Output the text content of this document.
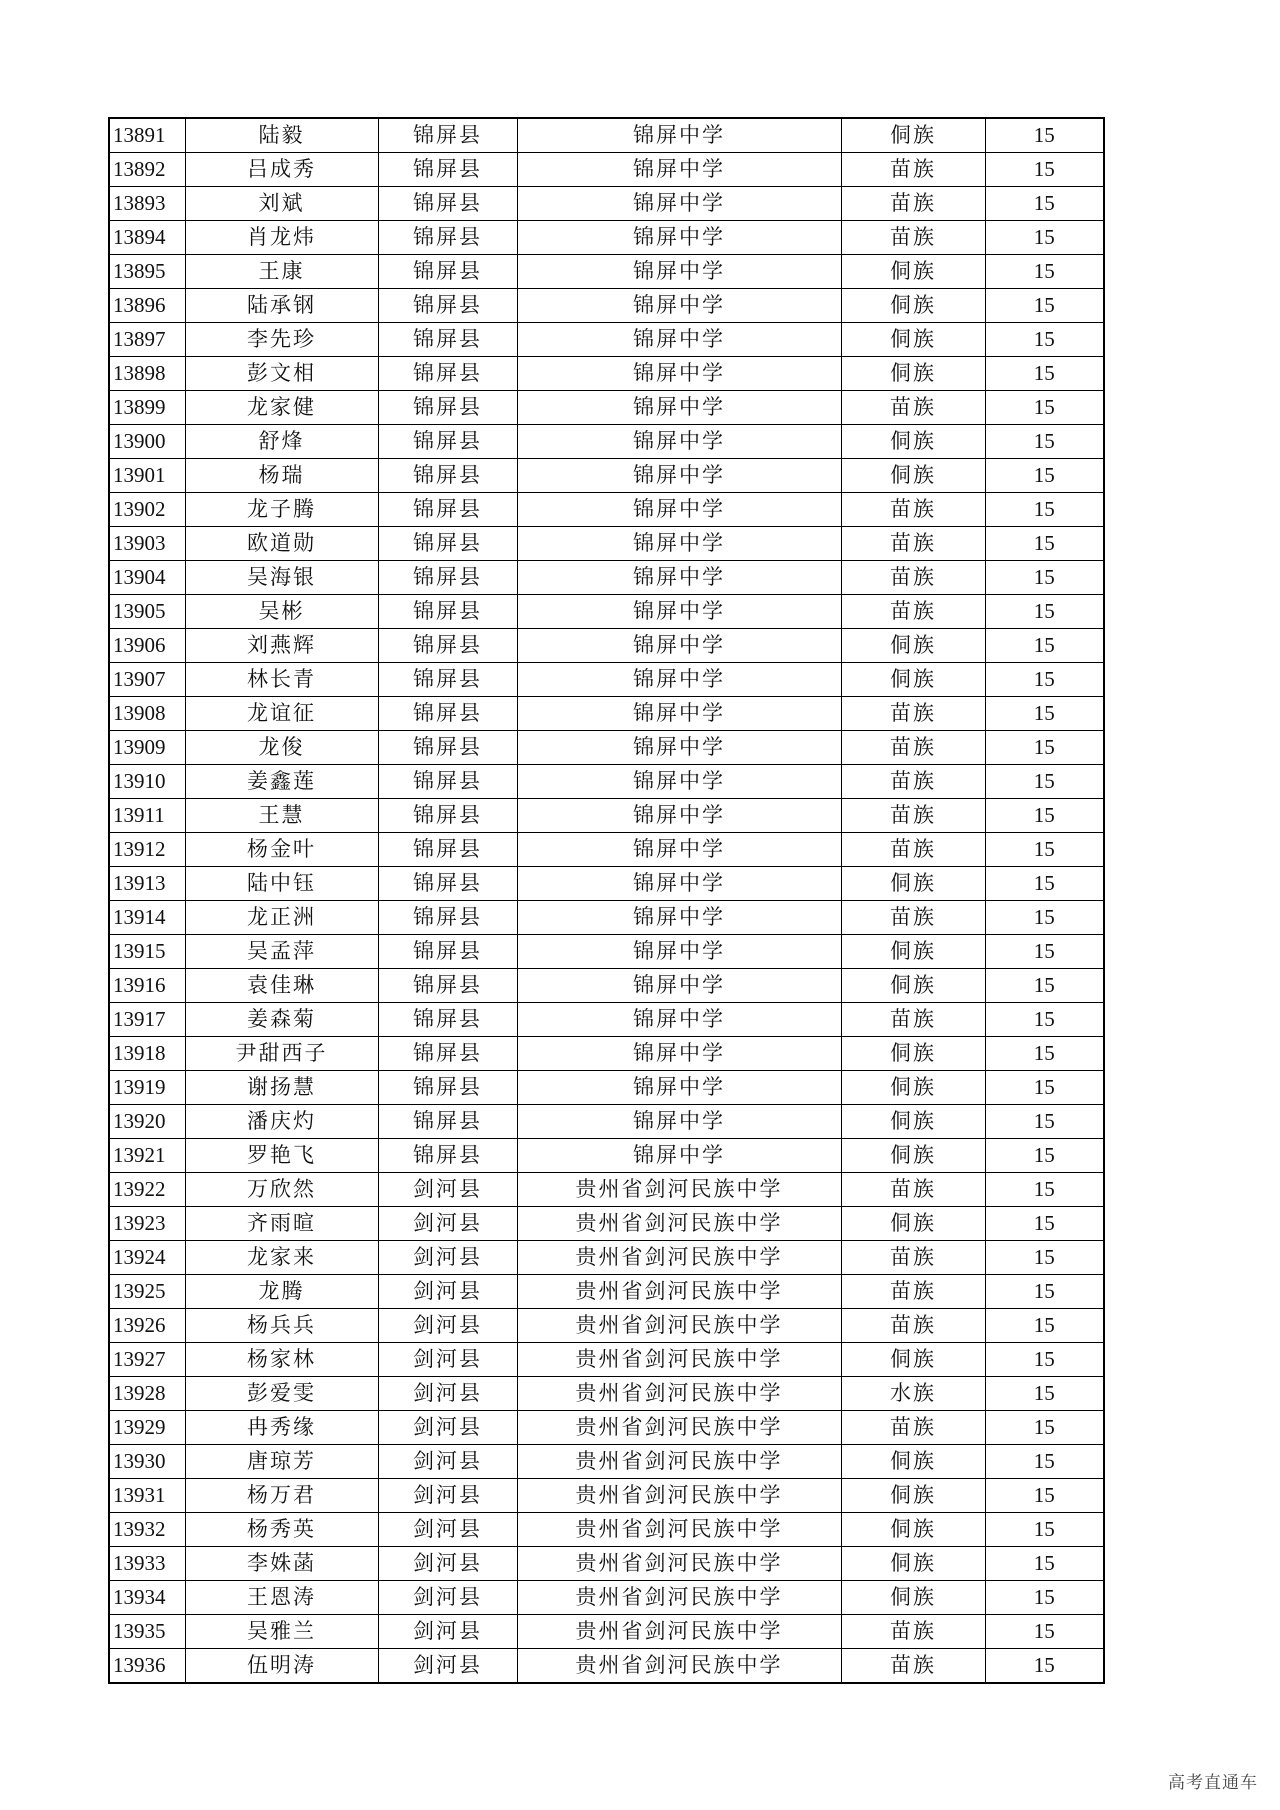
13891	陆毅	锦屏县	锦屏中学	侗族	15
13892	吕成秀	锦屏县	锦屏中学	苗族	15
13893	刘斌	锦屏县	锦屏中学	苗族	15
13894	肖龙炜	锦屏县	锦屏中学	苗族	15
13895	王康	锦屏县	锦屏中学	侗族	15
13896	陆承钢	锦屏县	锦屏中学	侗族	15
13897	李先珍	锦屏县	锦屏中学	侗族	15
13898	彭文相	锦屏县	锦屏中学	侗族	15
13899	龙家健	锦屏县	锦屏中学	苗族	15
13900	舒烽	锦屏县	锦屏中学	侗族	15
13901	杨瑞	锦屏县	锦屏中学	侗族	15
13902	龙子腾	锦屏县	锦屏中学	苗族	15
13903	欧道勋	锦屏县	锦屏中学	苗族	15
13904	吴海银	锦屏县	锦屏中学	苗族	15
13905	吴彬	锦屏县	锦屏中学	苗族	15
13906	刘燕辉	锦屏县	锦屏中学	侗族	15
13907	林长青	锦屏县	锦屏中学	侗族	15
13908	龙谊征	锦屏县	锦屏中学	苗族	15
13909	龙俊	锦屏县	锦屏中学	苗族	15
13910	姜鑫莲	锦屏县	锦屏中学	苗族	15
13911	王慧	锦屏县	锦屏中学	苗族	15
13912	杨金叶	锦屏县	锦屏中学	苗族	15
13913	陆中钰	锦屏县	锦屏中学	侗族	15
13914	龙正洲	锦屏县	锦屏中学	苗族	15
13915	吴孟萍	锦屏县	锦屏中学	侗族	15
13916	袁佳琳	锦屏县	锦屏中学	侗族	15
13917	姜森菊	锦屏县	锦屏中学	苗族	15
13918	尹甜西子	锦屏县	锦屏中学	侗族	15
13919	谢扬慧	锦屏县	锦屏中学	侗族	15
13920	潘庆灼	锦屏县	锦屏中学	侗族	15
13921	罗艳飞	锦屏县	锦屏中学	侗族	15
13922	万欣然	剑河县	贵州省剑河民族中学	苗族	15
13923	齐雨暄	剑河县	贵州省剑河民族中学	侗族	15
13924	龙家来	剑河县	贵州省剑河民族中学	苗族	15
13925	龙腾	剑河县	贵州省剑河民族中学	苗族	15
13926	杨兵兵	剑河县	贵州省剑河民族中学	苗族	15
13927	杨家林	剑河县	贵州省剑河民族中学	侗族	15
13928	彭爱雯	剑河县	贵州省剑河民族中学	水族	15
13929	冉秀缘	剑河县	贵州省剑河民族中学	苗族	15
13930	唐琼芳	剑河县	贵州省剑河民族中学	侗族	15
13931	杨万君	剑河县	贵州省剑河民族中学	侗族	15
13932	杨秀英	剑河县	贵州省剑河民族中学	侗族	15
13933	李姝菡	剑河县	贵州省剑河民族中学	侗族	15
13934	王恩涛	剑河县	贵州省剑河民族中学	侗族	15
13935	吴雅兰	剑河县	贵州省剑河民族中学	苗族	15
13936	伍明涛	剑河县	贵州省剑河民族中学	苗族	15
高考直通车
